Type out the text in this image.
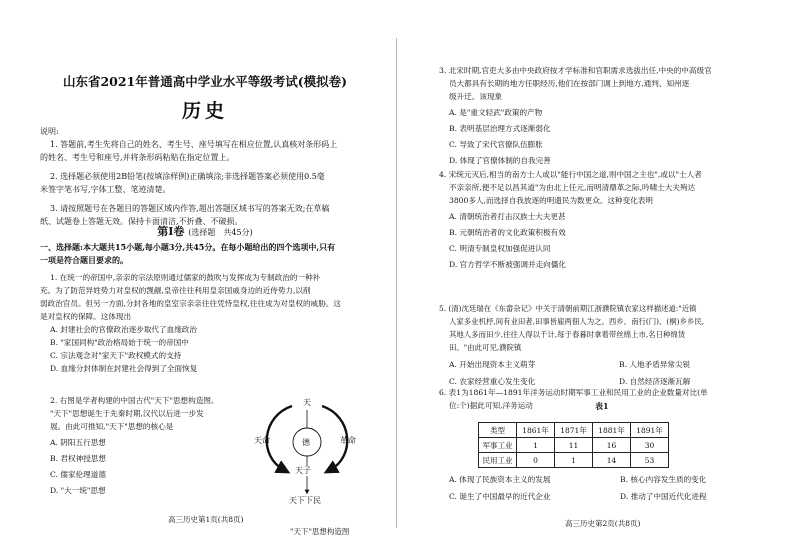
山东省2021年普通高中学业水平等级考试(模拟卷)
历史
说明:
1. 答题前,考生先将自己的姓名、考生号、座号填写在相应位置,认真核对条形码上
的姓名、考生号和座号,并将条形码粘贴在指定位置上。
2. 选择题必须使用2B铅笔(按填涂样例)正确填涂;非选择题答案必须使用0.5毫
米签字笔书写,字体工整、笔迹清楚。
3. 请按照题号在各题目的答题区域内作答,超出答题区域书写的答案无效;在草稿
纸、试题卷上答题无效。保持卡面清洁,不折叠、不破损。
第Ⅰ卷 (选择题　共45分)
一、选择题:本大题共15小题,每小题3分,共45分。在每小题给出的四个选项中,只有
一项是符合题目要求的。
1. 在统一的帝国中,亲亲的宗法原则通过儒家的鼓吹与发挥成为专制政治的一种补
充。为了防范异姓势力对皇权的觊觎,皇帝往往利用皇亲国戚身边的近侍势力,以削
弱政治官员。但另一方面,分封各地的皇室宗亲亲往往凭恃皇权,往往成为对皇权的威胁。这
是对皇权的保障。这体现出
A. 封建社会的官僚政治逐步取代了血缘政治
B. "家国同构"政治格局始于统一的帝国中
C. 宗法观念对"家天下"政权模式的支持
D. 血缘分封体制在封建社会得到了全面恢复
2. 右图是学者构建的中国古代"天下"思想构造图。
"天下"思想诞生于先秦时期,汉代以后进一步发
展。由此可推知,"天下"思想的核心是
A. 阴阳五行思想
B. 君权神授思想
C. 儒家伦理道德
D. "大一统"思想
天
天命	德	革命
天子
天下下民
"天下"思想构造图
高三历史第1页(共8页)
3. 北宋时期,官吏大多由中央政府按才学标准和官职需求选拔出任,中央的中高级官
员大都具有长期的地方任职经历,他们在按部门调上到地方,通判、知州逐
级升迁。该现象
A. 是"重文轻武"政策的产物
B. 表明基层治理方式逐渐弱化
C. 导致了宋代官僚队伍膨胀
D. 体现了官僚体制的自我完善
4. 宋统元灭后,相当的南方士人或以"能行中国之道,则中国之主也",或以"士人者
不亲亲所,便不足以昌其道"为由北上任元,而明清鼎革之际,吟啸士大夫殉达
3800多人,而选择自我放逐的明遗民为数更众。这种变化表明
A. 清朝统治者打击汉族士大夫更甚
B. 元朝统治者的文化政策积极有效
C. 明清专制皇权加强促进认同
D. 官方哲学不断被强调并走向僵化
5. (清)沈廷瑞在《东畲杂记》中关于清朝前期江浙濮院镇农家这样描述道:"近镇
人家多业机杼,间有业田者,田事皆雇两佃人为之。西乡、南行(门)、(桐)乡乡民,
其地人多而田少,往往人得以千计,每于春暮时拿着带丝绵上市,名日种绵赁
田。"由此可见,濮院镇
A. 开始出现资本主义萌芽	B. 人地矛盾异常尖锐
C. 农家经营重心发生变化	D. 自然经济逐渐瓦解
6. 表1为1861年—1891年洋务运动时期军事工业和民用工业的企业数量对比(单
位:个)据此可知,洋务运动	表1
类型	1861年	1871年	1881年	1891年
军事工业	1	11	16	30
民用工业	0	1	14	53
A. 体现了民族资本主义的发展	B. 核心内容发生质的变化
C. 诞生了中国最早的近代企业	D. 推动了中国近代化进程
高三历史第2页(共8页)
